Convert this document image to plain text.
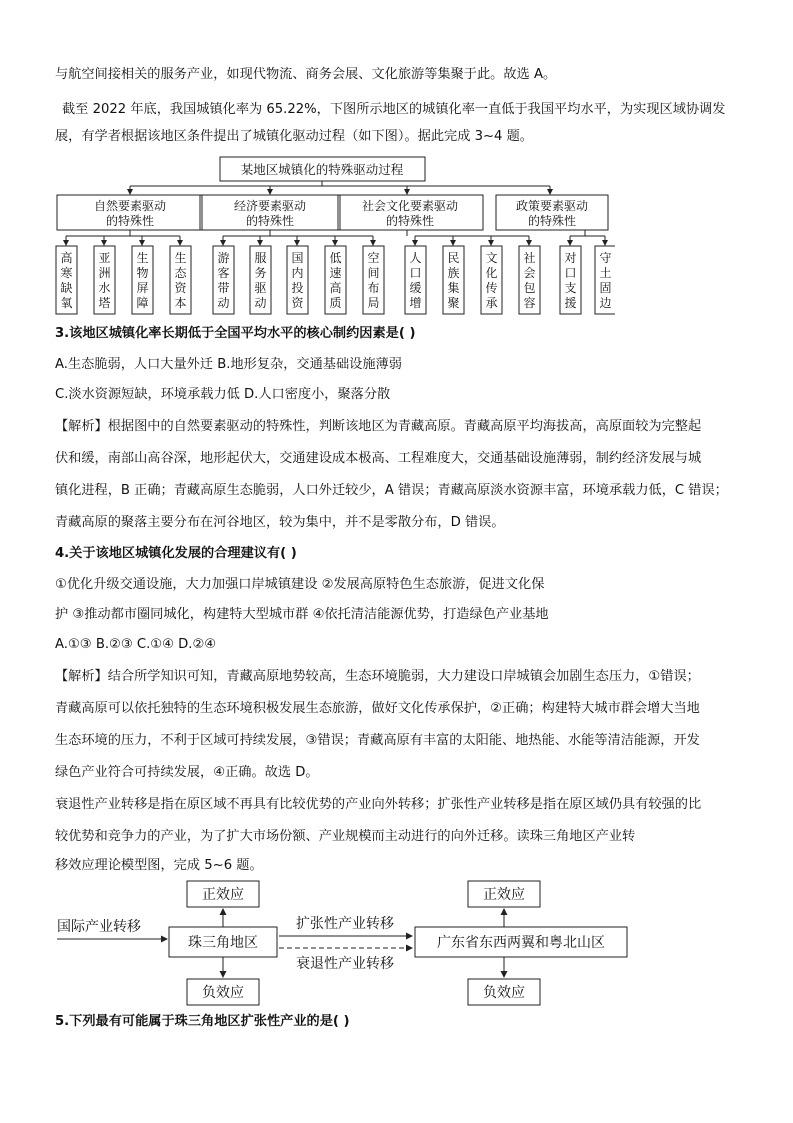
与航空间接相关的服务产业，如现代物流、商务会展、文化旅游等集聚于此。故选 A。
截至 2022 年底，我国城镇化率为 65.22%，下图所示地区的城镇化率一直低于我国平均水平，为实现区域协调发
展，有学者根据该地区条件提出了城镇化驱动过程（如下图）。据此完成 3~4 题。
某地区城镇化的特殊驱动过程
自然要素驱动
的特殊性
经济要素驱动
的特殊性
社会文化要素驱动
的特殊性
政策要素驱动
的特殊性
高寒缺氧
亚洲水塔
生物屏障
生态资本
游客带动
服务驱动
国内投资
低速高质
空间布局
人口缓增
民族集聚
文化传承
社会包容
对口支援
守土固边
3.该地区城镇化率长期低于全国平均水平的核心制约因素是( )
A.生态脆弱，人口大量外迁 B.地形复杂，交通基础设施薄弱
C.淡水资源短缺，环境承载力低 D.人口密度小，聚落分散
【解析】根据图中的自然要素驱动的特殊性，判断该地区为青藏高原。青藏高原平均海拔高，高原面较为完整起
伏和缓，南部山高谷深，地形起伏大，交通建设成本极高、工程难度大，交通基础设施薄弱，制约经济发展与城
镇化进程，B 正确；青藏高原生态脆弱，人口外迁较少，A 错误；青藏高原淡水资源丰富，环境承载力低，C 错误；
青藏高原的聚落主要分布在河谷地区，较为集中，并不是零散分布，D 错误。
4.关于该地区城镇化发展的合理建议有( )
①优化升级交通设施，大力加强口岸城镇建设 ②发展高原特色生态旅游，促进文化保
护 ③推动都市圈同城化，构建特大型城市群 ④依托清洁能源优势，打造绿色产业基地
A.①③ B.②③ C.①④ D.②④
【解析】结合所学知识可知，青藏高原地势较高，生态环境脆弱，大力建设口岸城镇会加剧生态压力，①错误；
青藏高原可以依托独特的生态环境积极发展生态旅游，做好文化传承保护，②正确；构建特大城市群会增大当地
生态环境的压力，不利于区域可持续发展，③错误；青藏高原有丰富的太阳能、地热能、水能等清洁能源，开发
绿色产业符合可持续发展，④正确。故选 D。
衰退性产业转移是指在原区域不再具有比较优势的产业向外转移；扩张性产业转移是指在原区域仍具有较强的比
较优势和竞争力的产业，为了扩大市场份额、产业规模而主动进行的向外迁移。读珠三角地区产业转
移效应理论模型图，完成 5~6 题。
国际产业转移
珠三角地区
正效应
负效应
广东省东西两翼和粤北山区
正效应
负效应
扩张性产业转移
衰退性产业转移
5.下列最有可能属于珠三角地区扩张性产业的是( )
